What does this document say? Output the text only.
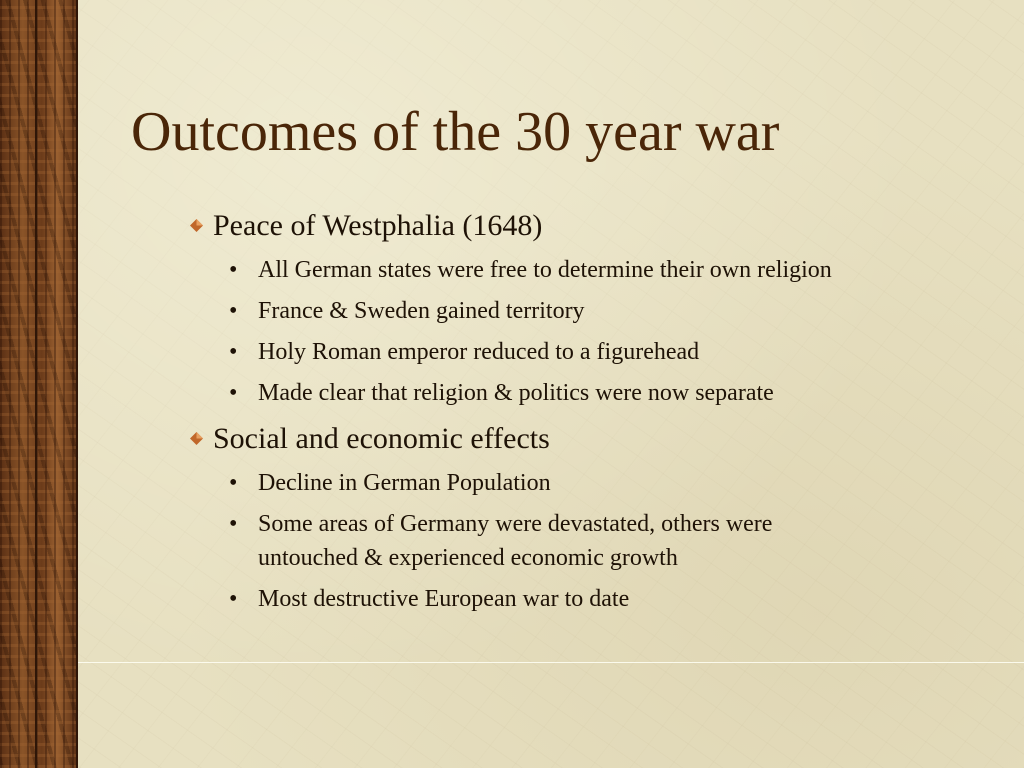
Outcomes of the 30 year war
Peace of Westphalia (1648)
• All German states were free to determine their own religion
• France & Sweden gained territory
• Holy Roman emperor reduced to a figurehead
• Made clear that religion & politics were now separate
Social and economic effects
• Decline in German Population
• Some areas of Germany were devastated, others were
untouched & experienced economic growth
• Most destructive European war to date
